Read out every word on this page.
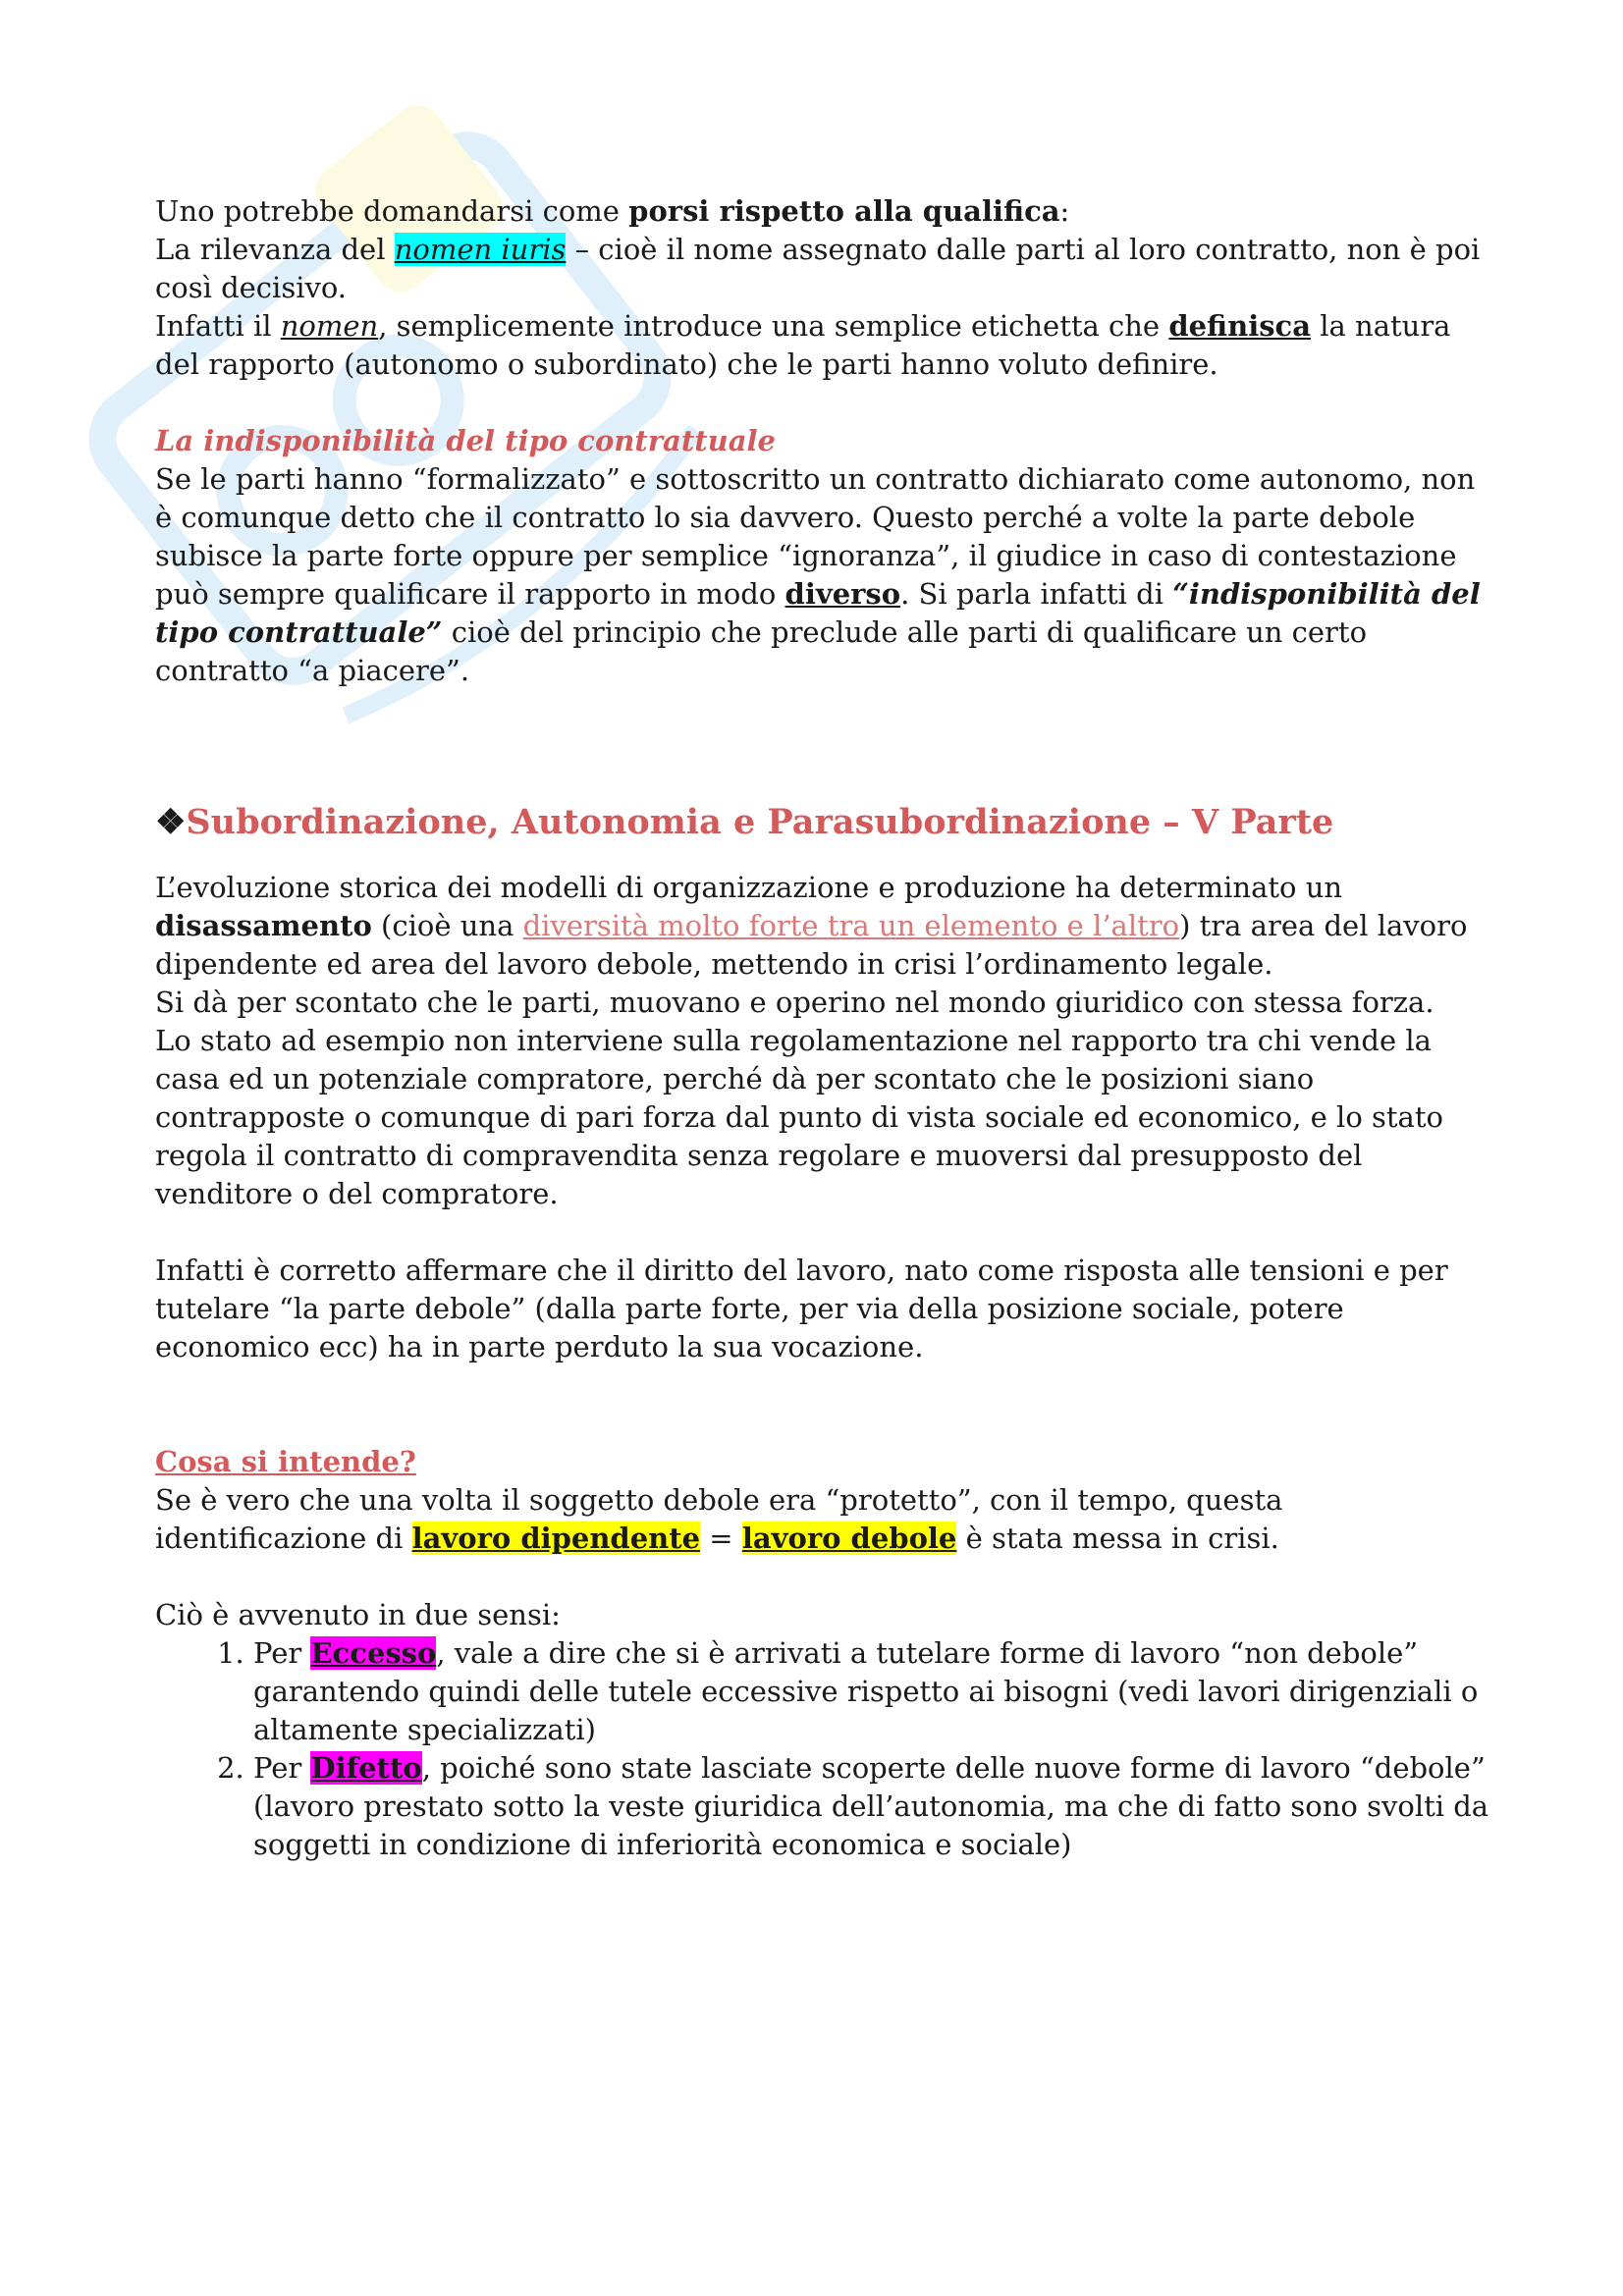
Uno potrebbe domandarsi come porsi rispetto alla qualifica:

La rilevanza del nomen iuris – cioè il nome assegnato dalle parti al loro contratto, non è poi così decisivo.

Infatti il nomen, semplicemente introduce una semplice etichetta che definisca la natura del rapporto (autonomo o subordinato) che le parti hanno voluto definire.

La indisponibilità del tipo contrattuale

Se le parti hanno “formalizzato” e sottoscritto un contratto dichiarato come autonomo, non è comunque detto che il contratto lo sia davvero. Questo perché a volte la parte debole subisce la parte forte oppure per semplice “ignoranza”, il giudice in caso di contestazione può sempre qualificare il rapporto in modo diverso. Si parla infatti di “indisponibilità del tipo contrattuale” cioè del principio che preclude alle parti di qualificare un certo contratto “a piacere”.

❖Subordinazione, Autonomia e Parasubordinazione – V Parte

L’evoluzione storica dei modelli di organizzazione e produzione ha determinato un disassamento (cioè una diversità molto forte tra un elemento e l’altro) tra area del lavoro dipendente ed area del lavoro debole, mettendo in crisi l’ordinamento legale.

Si dà per scontato che le parti, muovano e operino nel mondo giuridico con stessa forza.

Lo stato ad esempio non interviene sulla regolamentazione nel rapporto tra chi vende la casa ed un potenziale compratore, perché dà per scontato che le posizioni siano contrapposte o comunque di pari forza dal punto di vista sociale ed economico, e lo stato regola il contratto di compravendita senza regolare e muoversi dal presupposto del venditore o del compratore.

Infatti è corretto affermare che il diritto del lavoro, nato come risposta alle tensioni e per tutelare “la parte debole” (dalla parte forte, per via della posizione sociale, potere economico ecc) ha in parte perduto la sua vocazione.

Cosa si intende?

Se è vero che una volta il soggetto debole era “protetto”, con il tempo, questa identificazione di lavoro dipendente = lavoro debole è stata messa in crisi.

Ciò è avvenuto in due sensi:

1. Per Eccesso, vale a dire che si è arrivati a tutelare forme di lavoro “non debole” garantendo quindi delle tutele eccessive rispetto ai bisogni (vedi lavori dirigenziali o altamente specializzati)
2. Per Difetto, poiché sono state lasciate scoperte delle nuove forme di lavoro “debole” (lavoro prestato sotto la veste giuridica dell’autonomia, ma che di fatto sono svolti da soggetti in condizione di inferiorità economica e sociale)
